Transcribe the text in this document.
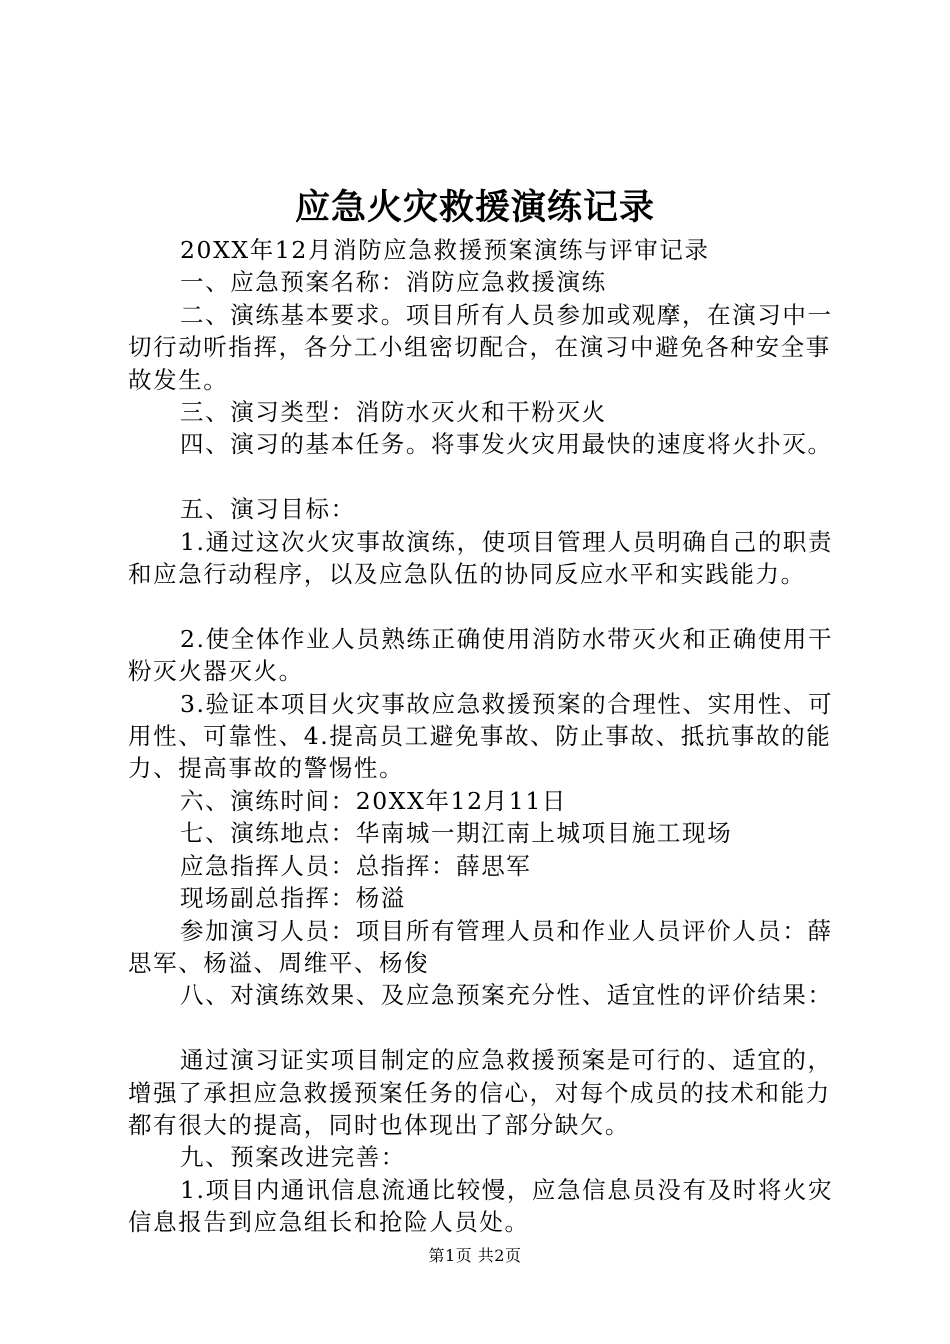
应急火灾救援演练记录

20XX年12月消防应急救援预案演练与评审记录

一、应急预案名称：消防应急救援演练

二、演练基本要求。项目所有人员参加或观摩，在演习中一切行动听指挥，各分工小组密切配合，在演习中避免各种安全事故发生。

三、演习类型：消防水灭火和干粉灭火

四、演习的基本任务。将事发火灾用最快的速度将火扑灭。

五、演习目标：

1.通过这次火灾事故演练，使项目管理人员明确自己的职责和应急行动程序，以及应急队伍的协同反应水平和实践能力。

2.使全体作业人员熟练正确使用消防水带灭火和正确使用干粉灭火器灭火。

3.验证本项目火灾事故应急救援预案的合理性、实用性、可用性、可靠性、4.提高员工避免事故、防止事故、抵抗事故的能力、提高事故的警惕性。

六、演练时间：20XX年12月11日

七、演练地点：华南城一期江南上城项目施工现场

应急指挥人员：总指挥：薛思军

现场副总指挥：杨溢

参加演习人员：项目所有管理人员和作业人员评价人员：薛思军、杨溢、周维平、杨俊

八、对演练效果、及应急预案充分性、适宜性的评价结果：

通过演习证实项目制定的应急救援预案是可行的、适宜的，增强了承担应急救援预案任务的信心，对每个成员的技术和能力都有很大的提高，同时也体现出了部分缺欠。

九、预案改进完善：

1.项目内通讯信息流通比较慢，应急信息员没有及时将火灾信息报告到应急组长和抢险人员处。

第1页 共2页
